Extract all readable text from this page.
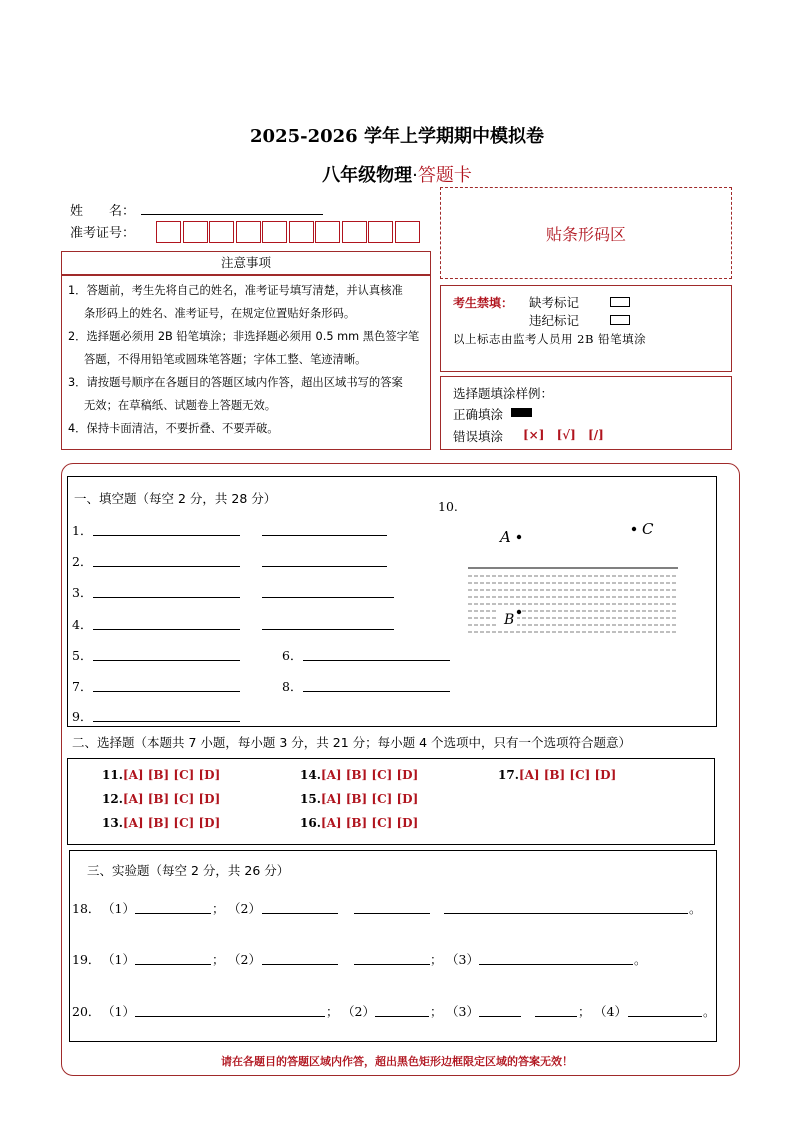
2025-2026 学年上学期期中模拟卷
八年级物理·答题卡
姓　　名：
准考证号：	贴条形码区
注意事项

1．答题前，考生先将自己的姓名，准考证号填写清楚，并认真核准

条形码上的姓名、准考证号，在规定位置贴好条形码。

2．选择题必须用 2B 铅笔填涂；非选择题必须用 0.5 mm 黑色签字笔

答题，不得用铅笔或圆珠笔答题；字体工整、笔迹清晰。

3．请按题号顺序在各题目的答题区域内作答，超出区域书写的答案

无效；在草稿纸、试题卷上答题无效。

4．保持卡面清洁，不要折叠、不要弄破。

考生禁填： 缺考标记
违纪标记
以上标志由监考人员用 2B 铅笔填涂
选择题填涂样例：
正确填涂
错误填涂 [×] [√] [/]
一、填空题（每空 2 分，共 28 分）
1．
2．
3．
4．
5．	6．
7．	8．
9．
10.
A	C
B
二、选择题（本题共 7 小题，每小题 3 分，共 21 分；每小题 4 个选项中，只有一个选项符合题意）
11.[A] [B] [C] [D]	14.[A] [B] [C] [D]	17.[A] [B] [C] [D]
12.[A] [B] [C] [D]	15.[A] [B] [C] [D]
13.[A] [B] [C] [D]	16.[A] [B] [C] [D]
三、实验题（每空 2 分，共 26 分）
18． （1）	； （2）	。
19． （1）	； （2）	； （3）	。
20． （1）	； （2）	； （3）	； （4）	。
请在各题目的答题区域内作答，超出黑色矩形边框限定区域的答案无效！
